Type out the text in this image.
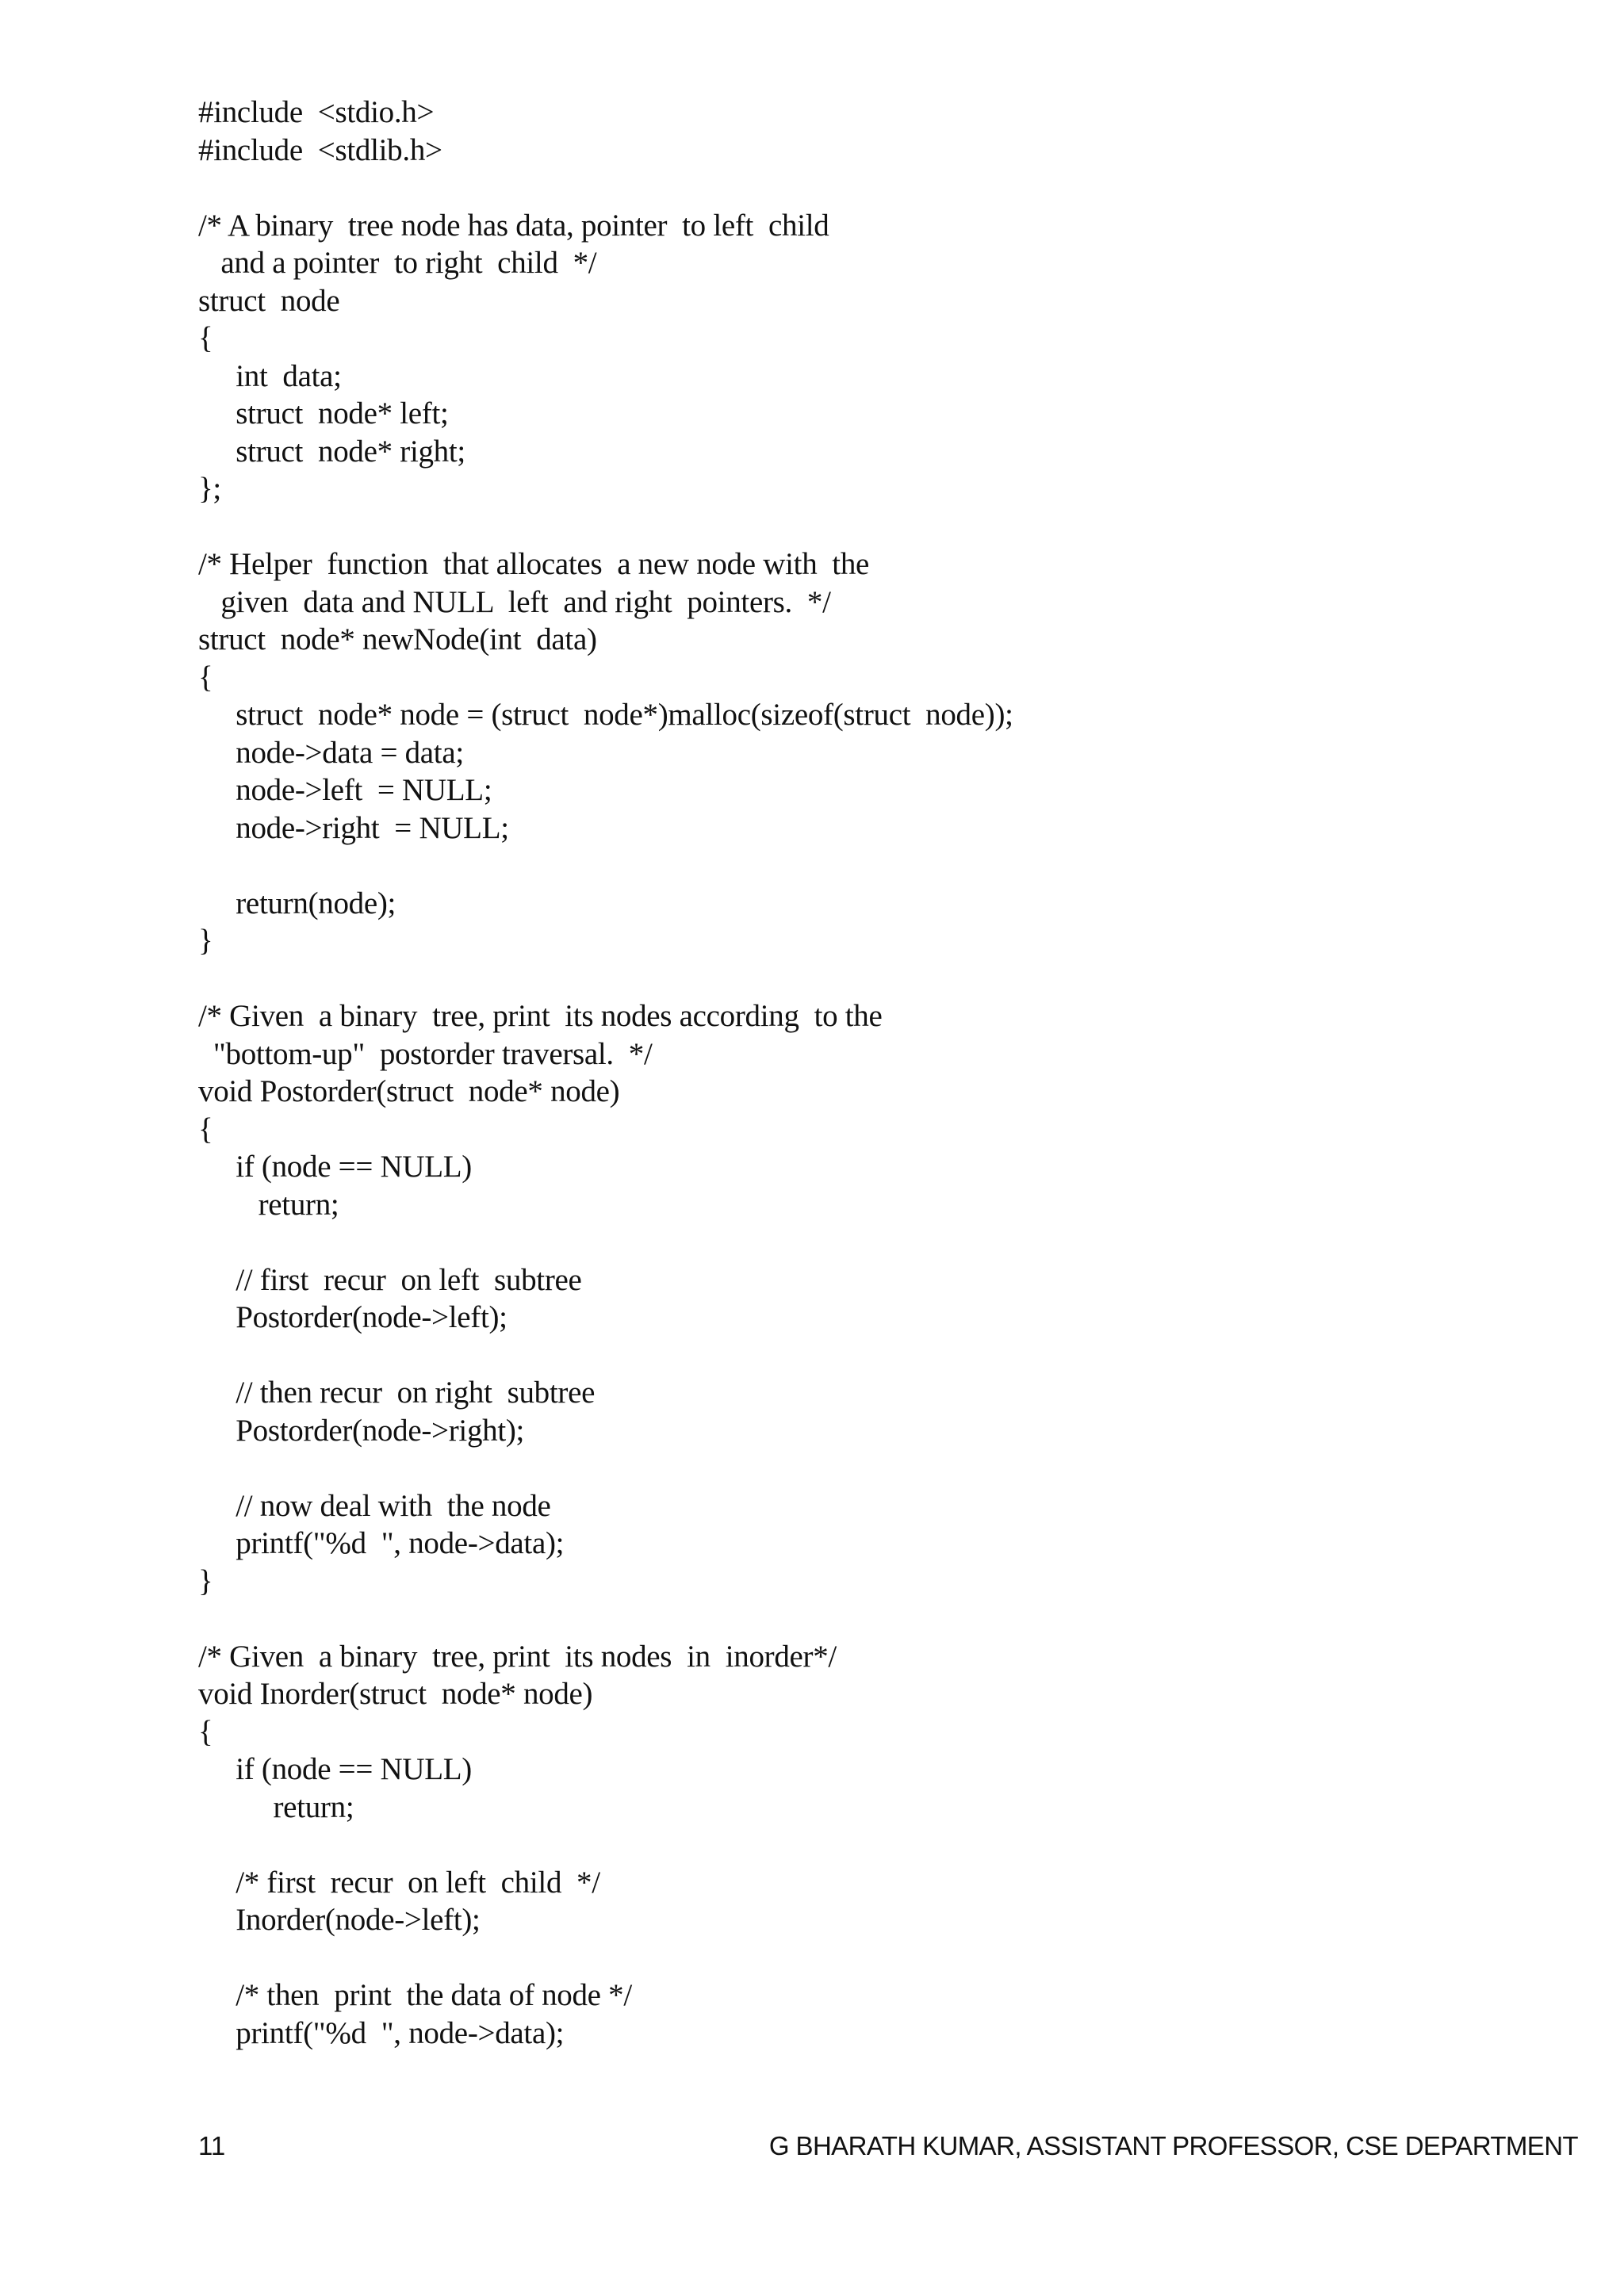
#include  <stdio.h>
#include  <stdlib.h>
/* A binary  tree node has data, pointer  to left  child
and a pointer  to right  child  */
struct  node
{
int  data;
struct  node* left;
struct  node* right;
};
/* Helper  function  that allocates  a new node with  the
given  data and NULL  left  and right  pointers.  */
struct  node* newNode(int  data)
{
struct  node* node = (struct  node*)malloc(sizeof(struct  node));
node->data = data;
node->left  = NULL;
node->right  = NULL;
return(node);
}
/* Given  a binary  tree, print  its nodes according  to the
"bottom-up"  postorder traversal.  */
void Postorder(struct  node* node)
{
if (node == NULL)
return;
// first  recur  on left  subtree
Postorder(node->left);
// then recur  on right  subtree
Postorder(node->right);
// now deal with  the node
printf("%d  ", node->data);
}
/* Given  a binary  tree, print  its nodes  in  inorder*/
void Inorder(struct  node* node)
{
if (node == NULL)
return;
/* first  recur  on left  child  */
Inorder(node->left);
/* then  print  the data of node */
printf("%d  ", node->data);
11	G BHARATH KUMAR, ASSISTANT PROFESSOR, CSE DEPARTMENT
